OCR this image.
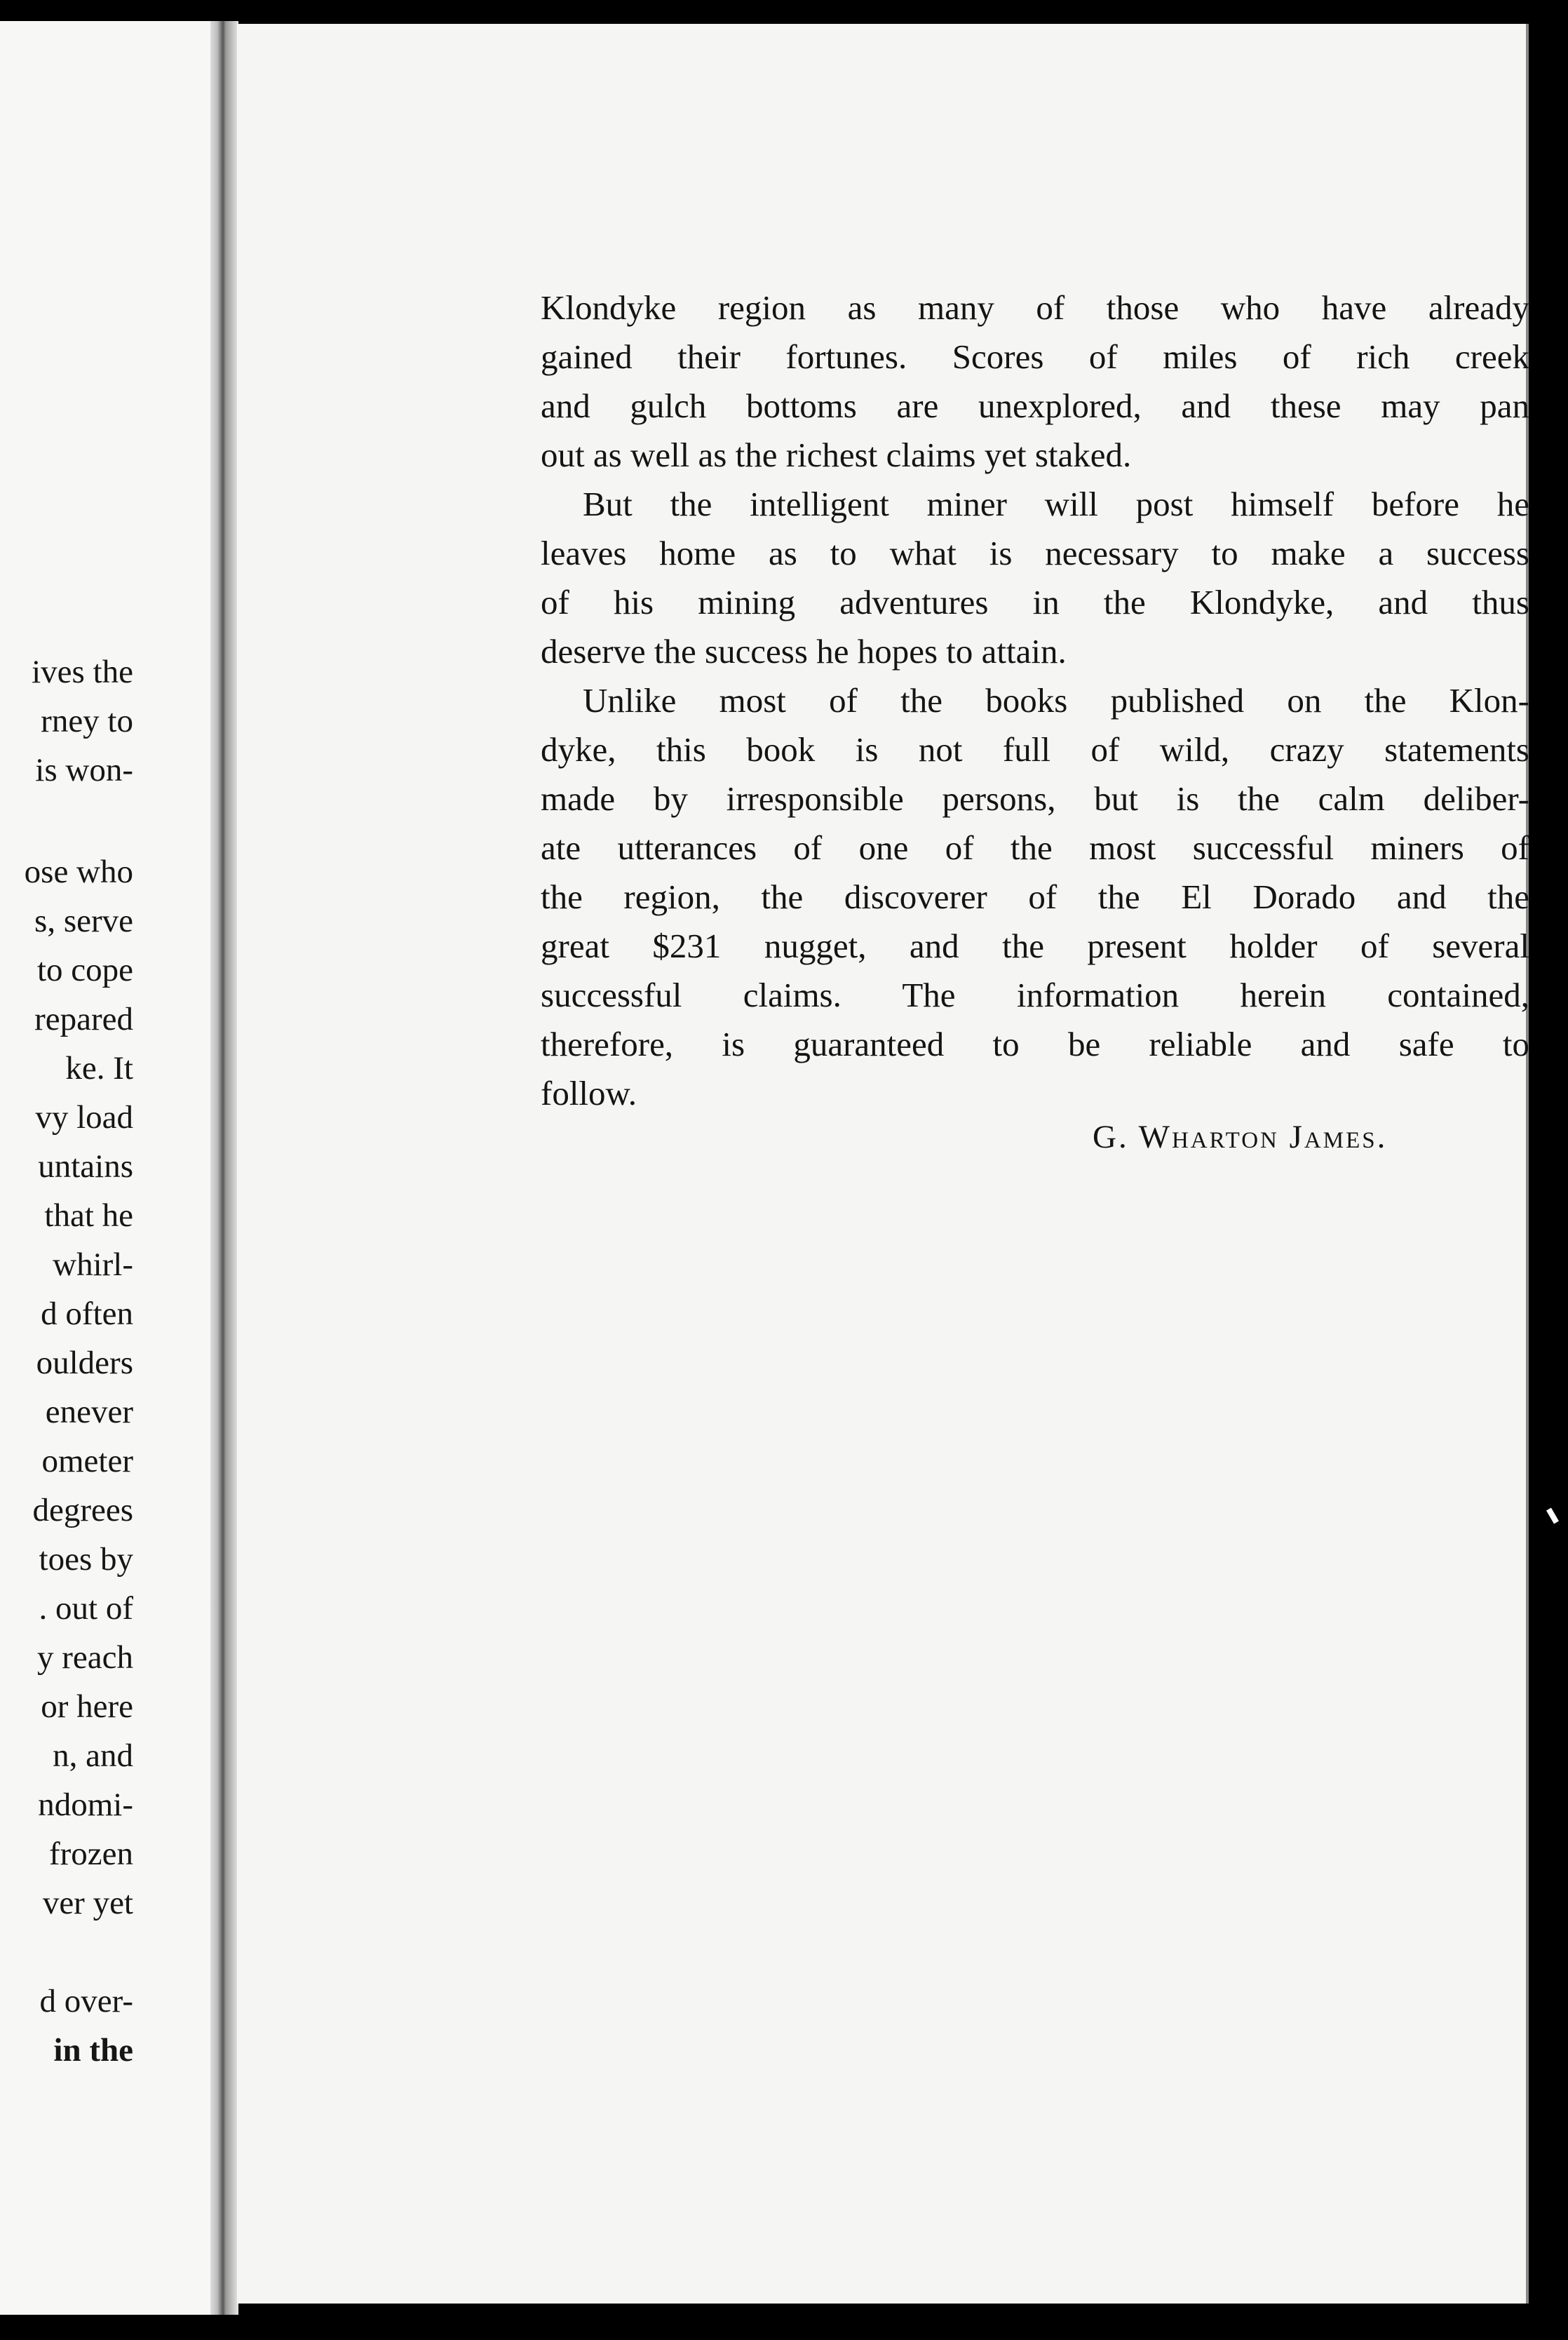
ives the
rney to
is won-
ose who
s, serve
to cope
repared
ke. It
vy load
untains
that he
whirl-
d often
oulders
enever
ometer
degrees
toes by
. out of
y reach
or here
n, and
ndomi-
frozen
ver yet
d over-
in the
Klondyke region as many of those who have already
gained their fortunes. Scores of miles of rich creek
and gulch bottoms are unexplored, and these may pan
out as well as the richest claims yet staked.
But the intelligent miner will post himself before he
leaves home as to what is necessary to make a success
of his mining adventures in the Klondyke, and thus
deserve the success he hopes to attain.
Unlike most of the books published on the Klon-
dyke, this book is not full of wild, crazy statements
made by irresponsible persons, but is the calm deliber-
ate utterances of one of the most successful miners of
the region, the discoverer of the El Dorado and the
great $231 nugget, and the present holder of several
successful claims. The information herein contained,
therefore, is guaranteed to be reliable and safe to
follow.
G. Wharton James.
